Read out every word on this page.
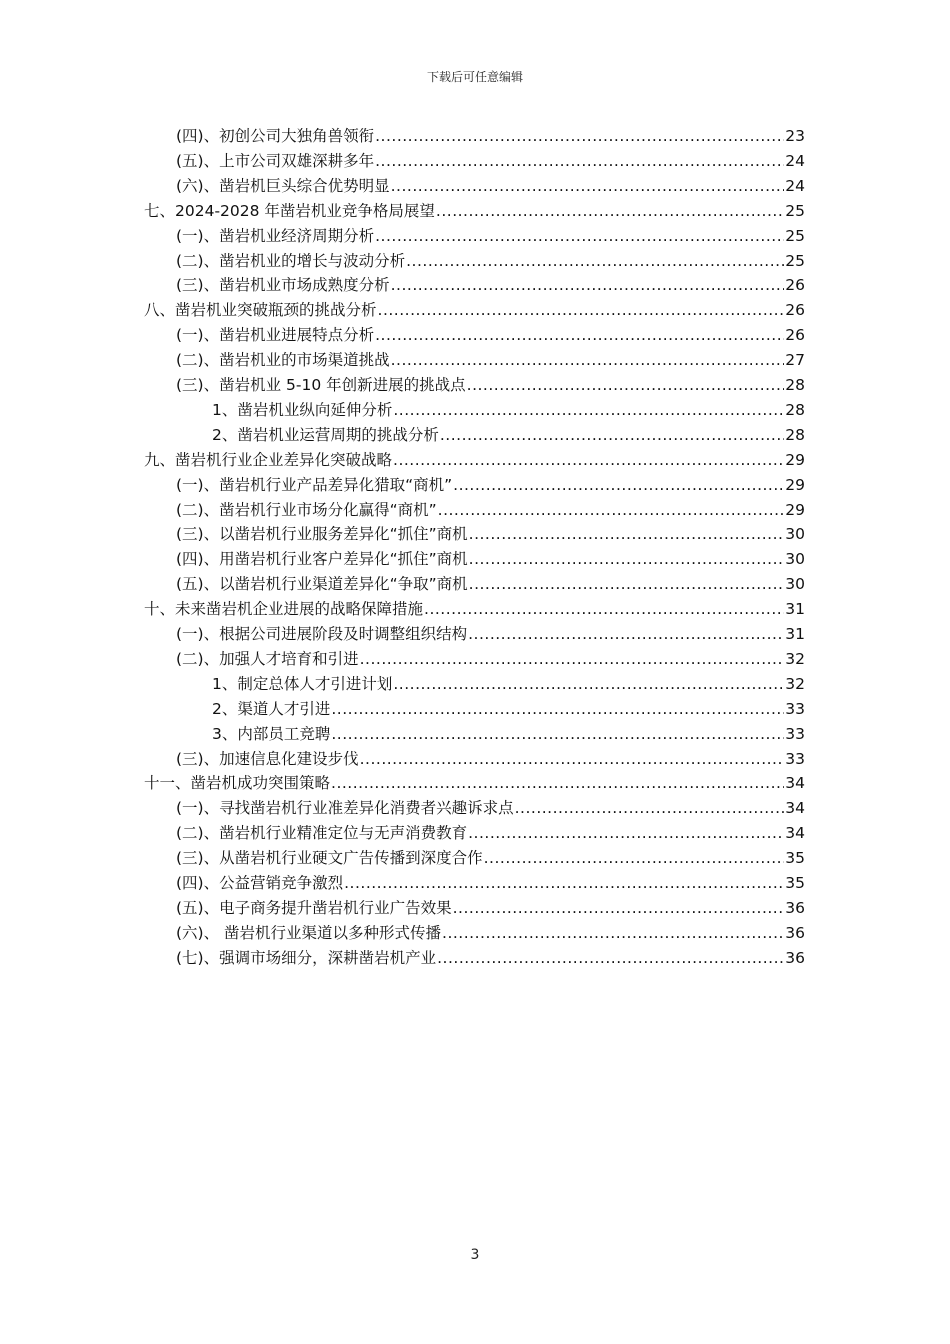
下载后可任意编辑
(四)、初创公司大独角兽领衔 .....	23
(五)、上市公司双雄深耕多年 .....	24
(六)、凿岩机巨头综合优势明显 .....	24
七、2024-2028 年凿岩机业竞争格局展望 .....	25
(一)、凿岩机业经济周期分析 .....	25
(二)、凿岩机业的增长与波动分析 .....	25
(三)、凿岩机业市场成熟度分析 .....	26
八、凿岩机业突破瓶颈的挑战分析 .....	26
(一)、凿岩机业进展特点分析 .....	26
(二)、凿岩机业的市场渠道挑战 .....	27
(三)、凿岩机业 5-10 年创新进展的挑战点 .....	28
1、凿岩机业纵向延伸分析 .....	28
2、凿岩机业运营周期的挑战分析 .....	28
九、凿岩机行业企业差异化突破战略 .....	29
(一)、凿岩机行业产品差异化猎取“商机” .....	29
(二)、凿岩机行业市场分化赢得“商机” .....	29
(三)、以凿岩机行业服务差异化“抓住”商机 .....	30
(四)、用凿岩机行业客户差异化“抓住”商机 .....	30
(五)、以凿岩机行业渠道差异化“争取”商机 .....	30
十、未来凿岩机企业进展的战略保障措施 .....	31
(一)、根据公司进展阶段及时调整组织结构 .....	31
(二)、加强人才培育和引进 .....	32
1、制定总体人才引进计划 .....	32
2、渠道人才引进 .....	33
3、内部员工竞聘 .....	33
(三)、加速信息化建设步伐 .....	33
十一、凿岩机成功突围策略 .....	34
(一)、寻找凿岩机行业准差异化消费者兴趣诉求点 .....	34
(二)、凿岩机行业精准定位与无声消费教育 .....	34
(三)、从凿岩机行业硬文广告传播到深度合作 .....	35
(四)、公益营销竞争激烈 .....	35
(五)、电子商务提升凿岩机行业广告效果 .....	36
(六)、 凿岩机行业渠道以多种形式传播 .....	36
(七)、强调市场细分，深耕凿岩机产业 .....	36
3
